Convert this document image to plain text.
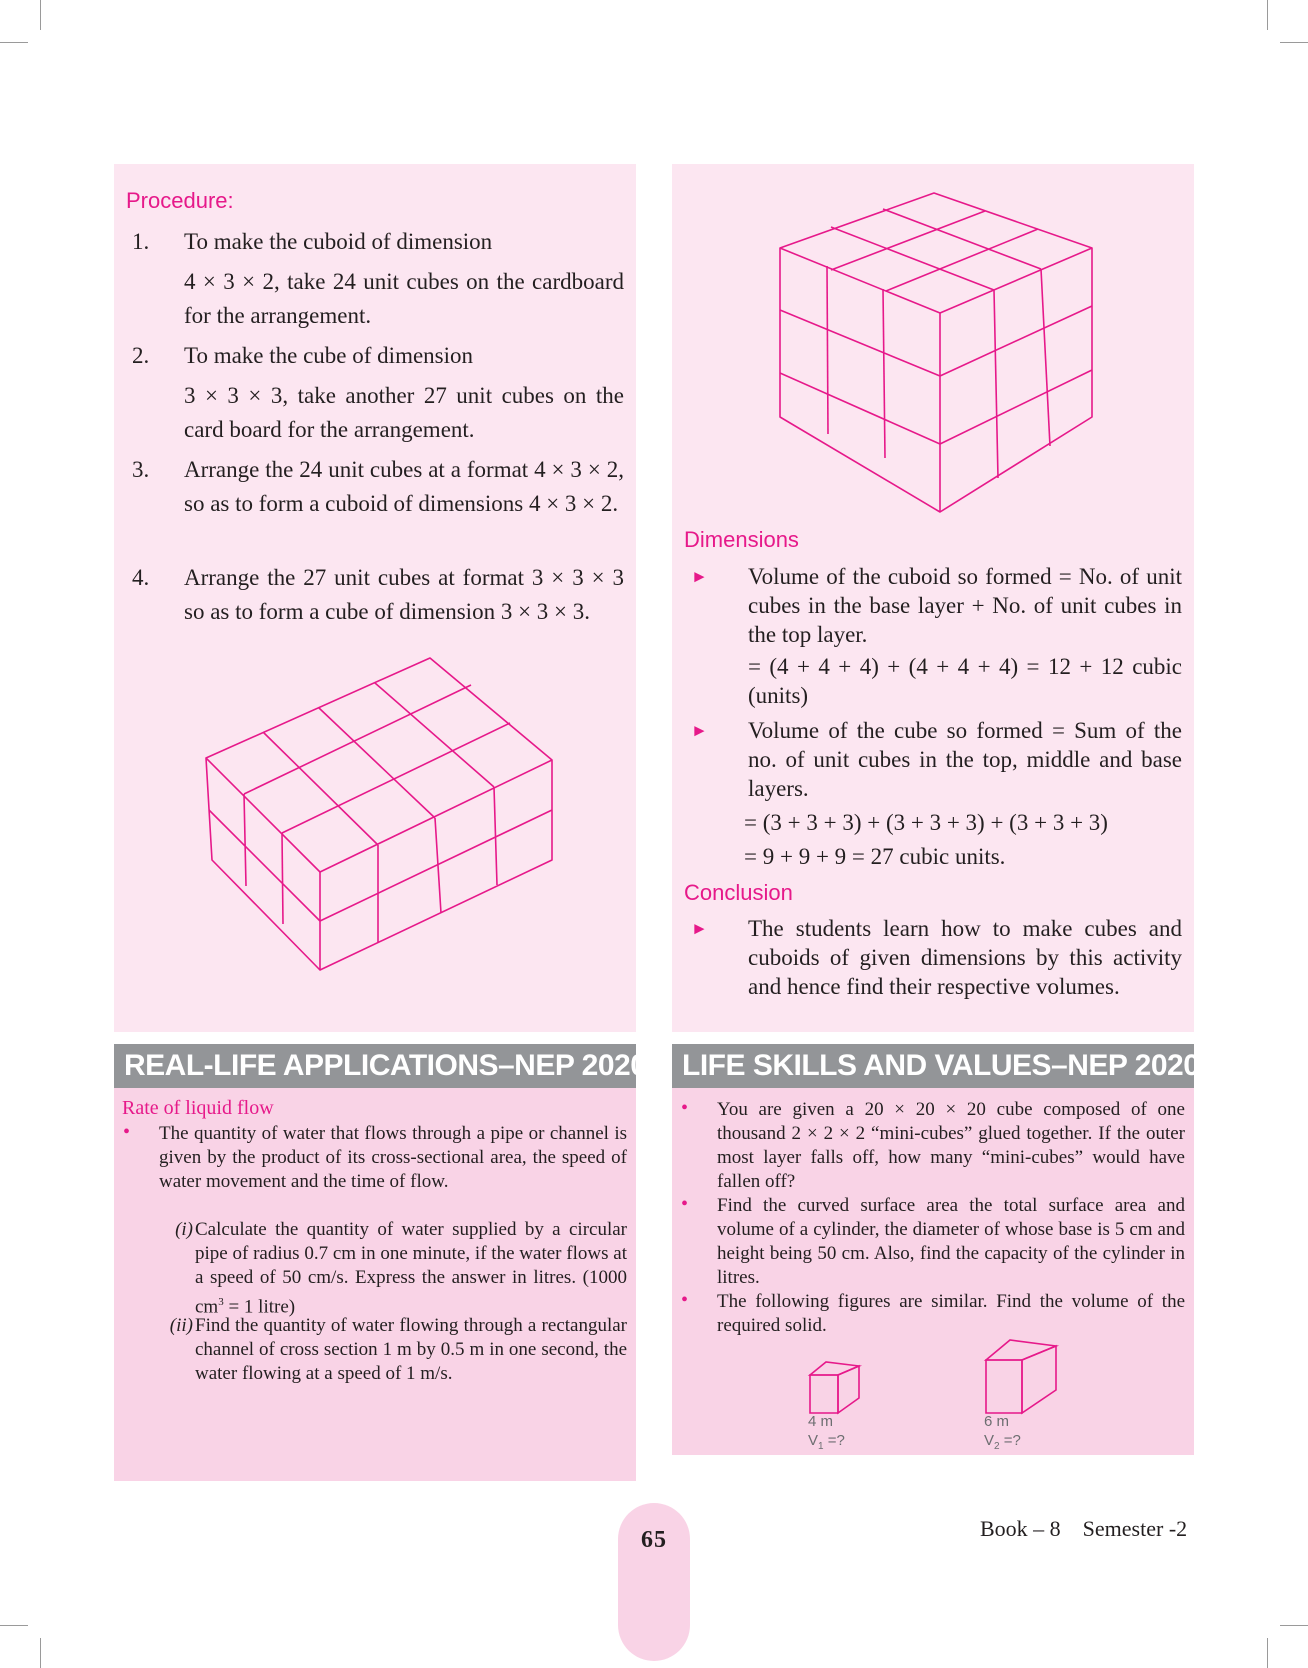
Procedure:
1. To make the cuboid of dimension
4 × 3 × 2, take 24 unit cubes on the cardboard for the arrangement.
2. To make the cube of dimension
3 × 3 × 3, take another 27 unit cubes on the card board for the arrangement.
3. Arrange the 24 unit cubes at a format 4 × 3 × 2, so as to form a cuboid of dimensions 4 × 3 × 2.
4. Arrange the 27 unit cubes at format 3 × 3 × 3 so as to form a cube of dimension 3 × 3 × 3.
Dimensions
► Volume of the cuboid so formed = No. of unit cubes in the base layer + No. of unit cubes in the top layer.
= (4 + 4 + 4) + (4 + 4 + 4) = 12 + 12 cubic (units)
► Volume of the cube so formed = Sum of the no. of unit cubes in the top, middle and base layers.
= (3 + 3 + 3) + (3 + 3 + 3) + (3 + 3 + 3)
= 9 + 9 + 9 = 27 cubic units.
Conclusion
► The students learn how to make cubes and cuboids of given dimensions by this activity and hence find their respective volumes.
REAL-LIFE APPLICATIONS–NEP 2020
Rate of liquid flow
• The quantity of water that flows through a pipe or channel is given by the product of its cross-sectional area, the speed of water movement and the time of flow.
(i) Calculate the quantity of water supplied by a circular pipe of radius 0.7 cm in one minute, if the water flows at a speed of 50 cm/s. Express the answer in litres. (1000 $cm^3 = 1$ litre)
(ii) Find the quantity of water flowing through a rectangular channel of cross section 1 m by 0.5 m in one second, the water flowing at a speed of 1 m/s.
LIFE SKILLS AND VALUES–NEP 2020
• You are given a 20 × 20 × 20 cube composed of one thousand 2 × 2 × 2 “mini-cubes” glued together. If the outer most layer falls off, how many “mini-cubes” would have fallen off?
• Find the curved surface area the total surface area and volume of a cylinder, the diameter of whose base is 5 cm and height being 50 cm. Also, find the capacity of the cylinder in litres.
• The following figures are similar. Find the volume of the required solid.
4 m
$V_1$ =?
6 m
$V_2$ =?
65	Book – 8    Semester -2
